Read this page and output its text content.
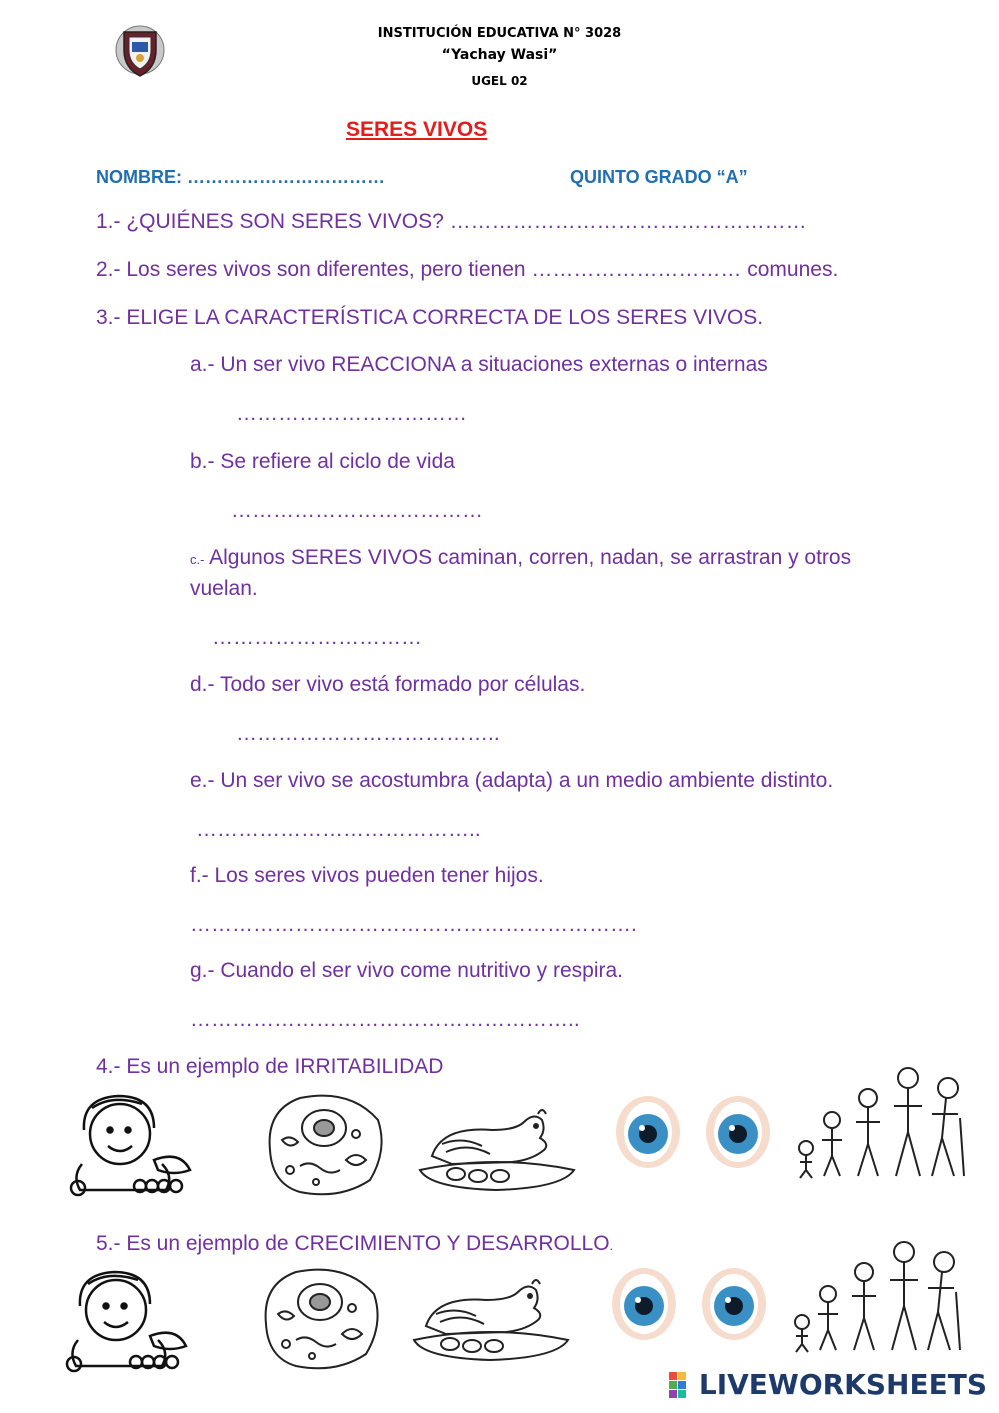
INSTITUCIÓN EDUCATIVA N° 3028
“Yachay Wasi”
UGEL 02
SERES VIVOS
NOMBRE: ……………………………	QUINTO GRADO “A”
1.- ¿QUIÉNES SON SERES VIVOS? ……………………………………………
2.- Los seres vivos son diferentes, pero tienen ………………………… comunes.
3.- ELIGE LA CARACTERÍSTICA CORRECTA DE LOS SERES VIVOS.
a.- Un ser vivo REACCIONA a situaciones externas o internas
……………………………
b.- Se refiere al ciclo de vida
………………………………
c.- Algunos SERES VIVOS caminan, corren, nadan, se arrastran y otros
vuelan.
…………………………
d.- Todo ser vivo está formado por células.
………………………………..
e.- Un ser vivo se acostumbra (adapta) a un medio ambiente distinto.
…………………………………..
f.- Los seres vivos pueden tener hijos.
……………………………………………………….
g.- Cuando el ser vivo come nutritivo y respira.
………………………………………………..
4.- Es un ejemplo de IRRITABILIDAD
5.- Es un ejemplo de CRECIMIENTO Y DESARROLLO.
LIVEWORKSHEETS
